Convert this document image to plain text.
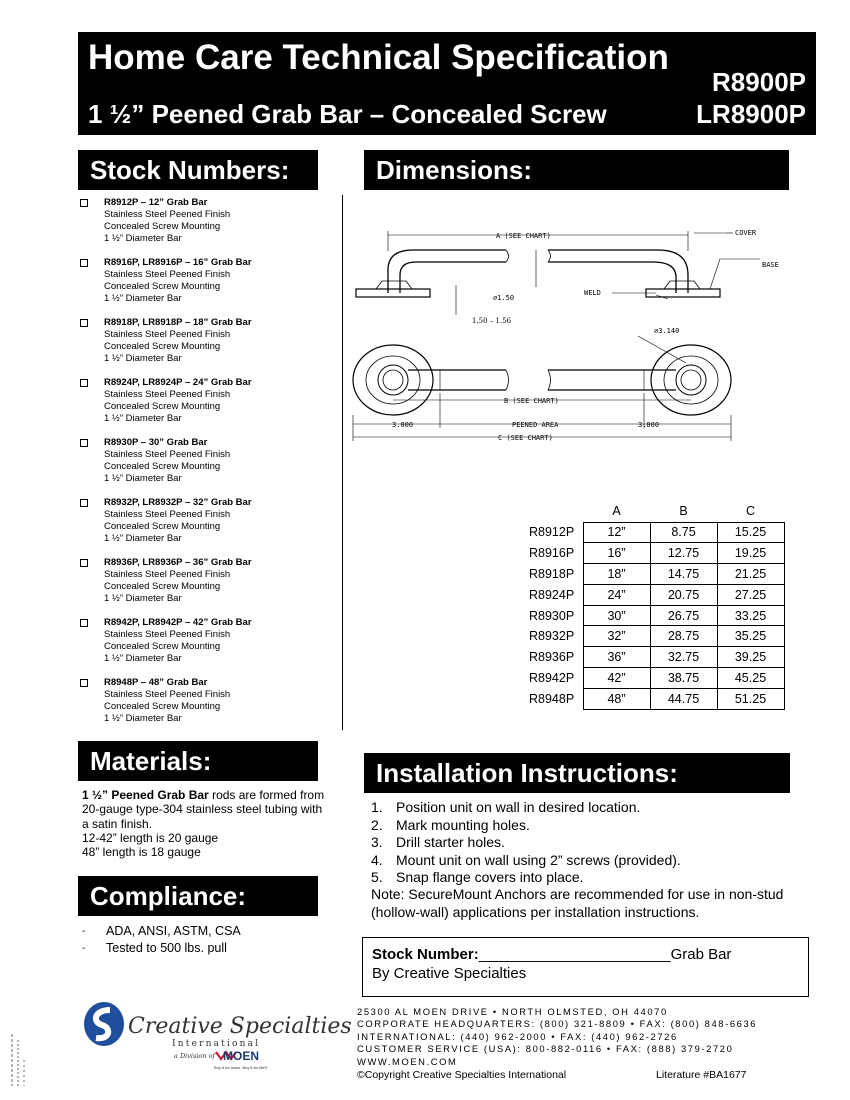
Home Care Technical Specification
1 ½” Peened Grab Bar – Concealed Screw
R8900P
LR8900P
Stock Numbers:	Dimensions:
Materials:
Compliance:
Installation Instructions:
R8912P – 12” Grab Bar
Stainless Steel Peened Finish
Concealed Screw Mounting
1 ½” Diameter Bar
R8916P, LR8916P – 16” Grab Bar
Stainless Steel Peened Finish
Concealed Screw Mounting
1 ½” Diameter Bar
R8918P, LR8918P – 18” Grab Bar
Stainless Steel Peened Finish
Concealed Screw Mounting
1 ½” Diameter Bar
R8924P, LR8924P – 24” Grab Bar
Stainless Steel Peened Finish
Concealed Screw Mounting
1 ½” Diameter Bar
R8930P – 30” Grab Bar
Stainless Steel Peened Finish
Concealed Screw Mounting
1 ½” Diameter Bar
R8932P, LR8932P – 32” Grab Bar
Stainless Steel Peened Finish
Concealed Screw Mounting
1 ½” Diameter Bar
R8936P, LR8936P – 36” Grab Bar
Stainless Steel Peened Finish
Concealed Screw Mounting
1 ½” Diameter Bar
R8942P, LR8942P – 42” Grab Bar
Stainless Steel Peened Finish
Concealed Screw Mounting
1 ½” Diameter Bar
R8948P – 48” Grab Bar
Stainless Steel Peened Finish
Concealed Screw Mounting
1 ½” Diameter Bar
A (SEE CHART)	COVER
BASE
WELD
∅1.50
1.50 – 1.56
∅3.140
B (SEE CHART)
3.000	PEENED AREA	3.000
C (SEE CHART)
	A	B	C
R8912P	12”	8.75	15.25
R8916P	16”	12.75	19.25
R8918P	18”	14.75	21.25
R8924P	24”	20.75	27.25
R8930P	30”	26.75	33.25
R8932P	32”	28.75	35.25
R8936P	36”	32.75	39.25
R8942P	42”	38.75	45.25
R8948P	48”	44.75	51.25
1 ½” Peened Grab Bar rods are formed from 20-gauge type-304 stainless steel tubing with a satin finish.
12-42” length is 20 gauge
48” length is 18 gauge
- ADA, ANSI, ASTM, CSA
- Tested to 500 lbs. pull
1. Position unit on wall in desired location.
2. Mark mounting holes.
3. Drill starter holes.
4. Mount unit on wall using 2” screws (provided).
5. Snap flange covers into place.
Note: SecureMount Anchors are recommended for use in non-stud (hollow-wall) applications per installation instructions.
Stock Number:_______________________Grab Bar
By Creative Specialties
Creative Specialties
International
a Division of MOEN
Buy it for looks. Buy it for life®
25300 AL MOEN DRIVE • NORTH OLMSTED, OH 44070
CORPORATE HEADQUARTERS: (800) 321-8809 • FAX: (800) 848-6636
INTERNATIONAL: (440) 962-2000 • FAX: (440) 962-2726
CUSTOMER SERVICE (USA): 800-882-0116 • FAX: (888) 379-2720
WWW.MOEN.COM
©Copyright Creative Specialties International	Literature #BA1677
